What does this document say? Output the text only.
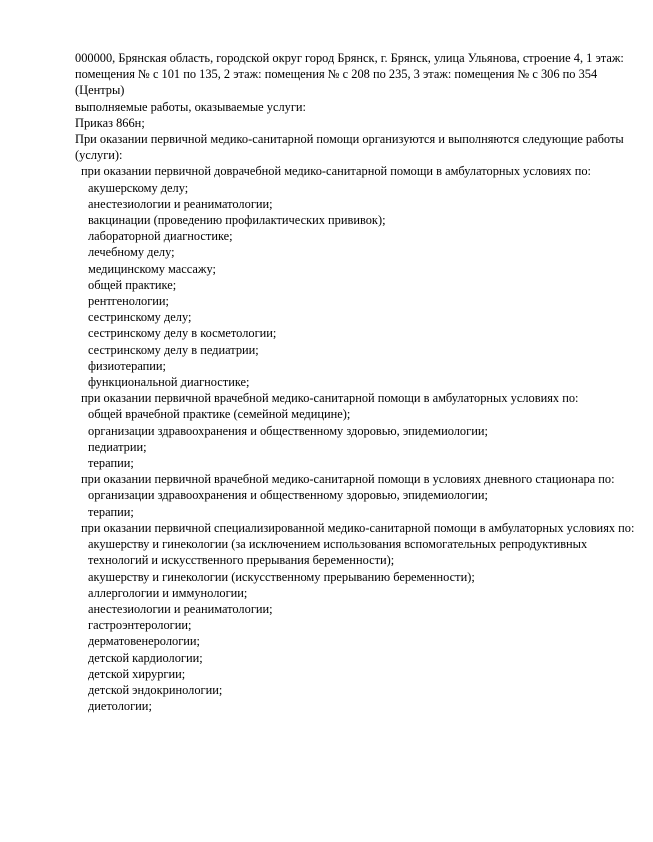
000000, Брянская область, городской округ город Брянск, г. Брянск, улица Ульянова, строение 4, 1 этаж: помещения № с 101 по 135, 2 этаж: помещения № с 208 по 235, 3 этаж: помещения № с 306 по 354 (Центры)

выполняемые работы, оказываемые услуги:

Приказ 866н;

При оказании первичной медико-санитарной помощи организуются и выполняются следующие работы (услуги):

при оказании первичной доврачебной медико-санитарной помощи в амбулаторных условиях по:

акушерскому делу;

анестезиологии и реаниматологии;

вакцинации (проведению профилактических прививок);

лабораторной диагностике;

лечебному делу;

медицинскому массажу;

общей практике;

рентгенологии;

сестринскому делу;

сестринскому делу в косметологии;

сестринскому делу в педиатрии;

физиотерапии;

функциональной диагностике;

при оказании первичной врачебной медико-санитарной помощи в амбулаторных условиях по:

общей врачебной практике (семейной медицине);

организации здравоохранения и общественному здоровью, эпидемиологии;

педиатрии;

терапии;

при оказании первичной врачебной медико-санитарной помощи в условиях дневного стационара по:

организации здравоохранения и общественному здоровью, эпидемиологии;

терапии;

при оказании первичной специализированной медико-санитарной помощи в амбулаторных условиях по:

акушерству и гинекологии (за исключением использования вспомогательных репродуктивных технологий и искусственного прерывания беременности);

акушерству и гинекологии (искусственному прерыванию беременности);

аллергологии и иммунологии;

анестезиологии и реаниматологии;

гастроэнтерологии;

дерматовенерологии;

детской кардиологии;

детской хирургии;

детской эндокринологии;

диетологии;
